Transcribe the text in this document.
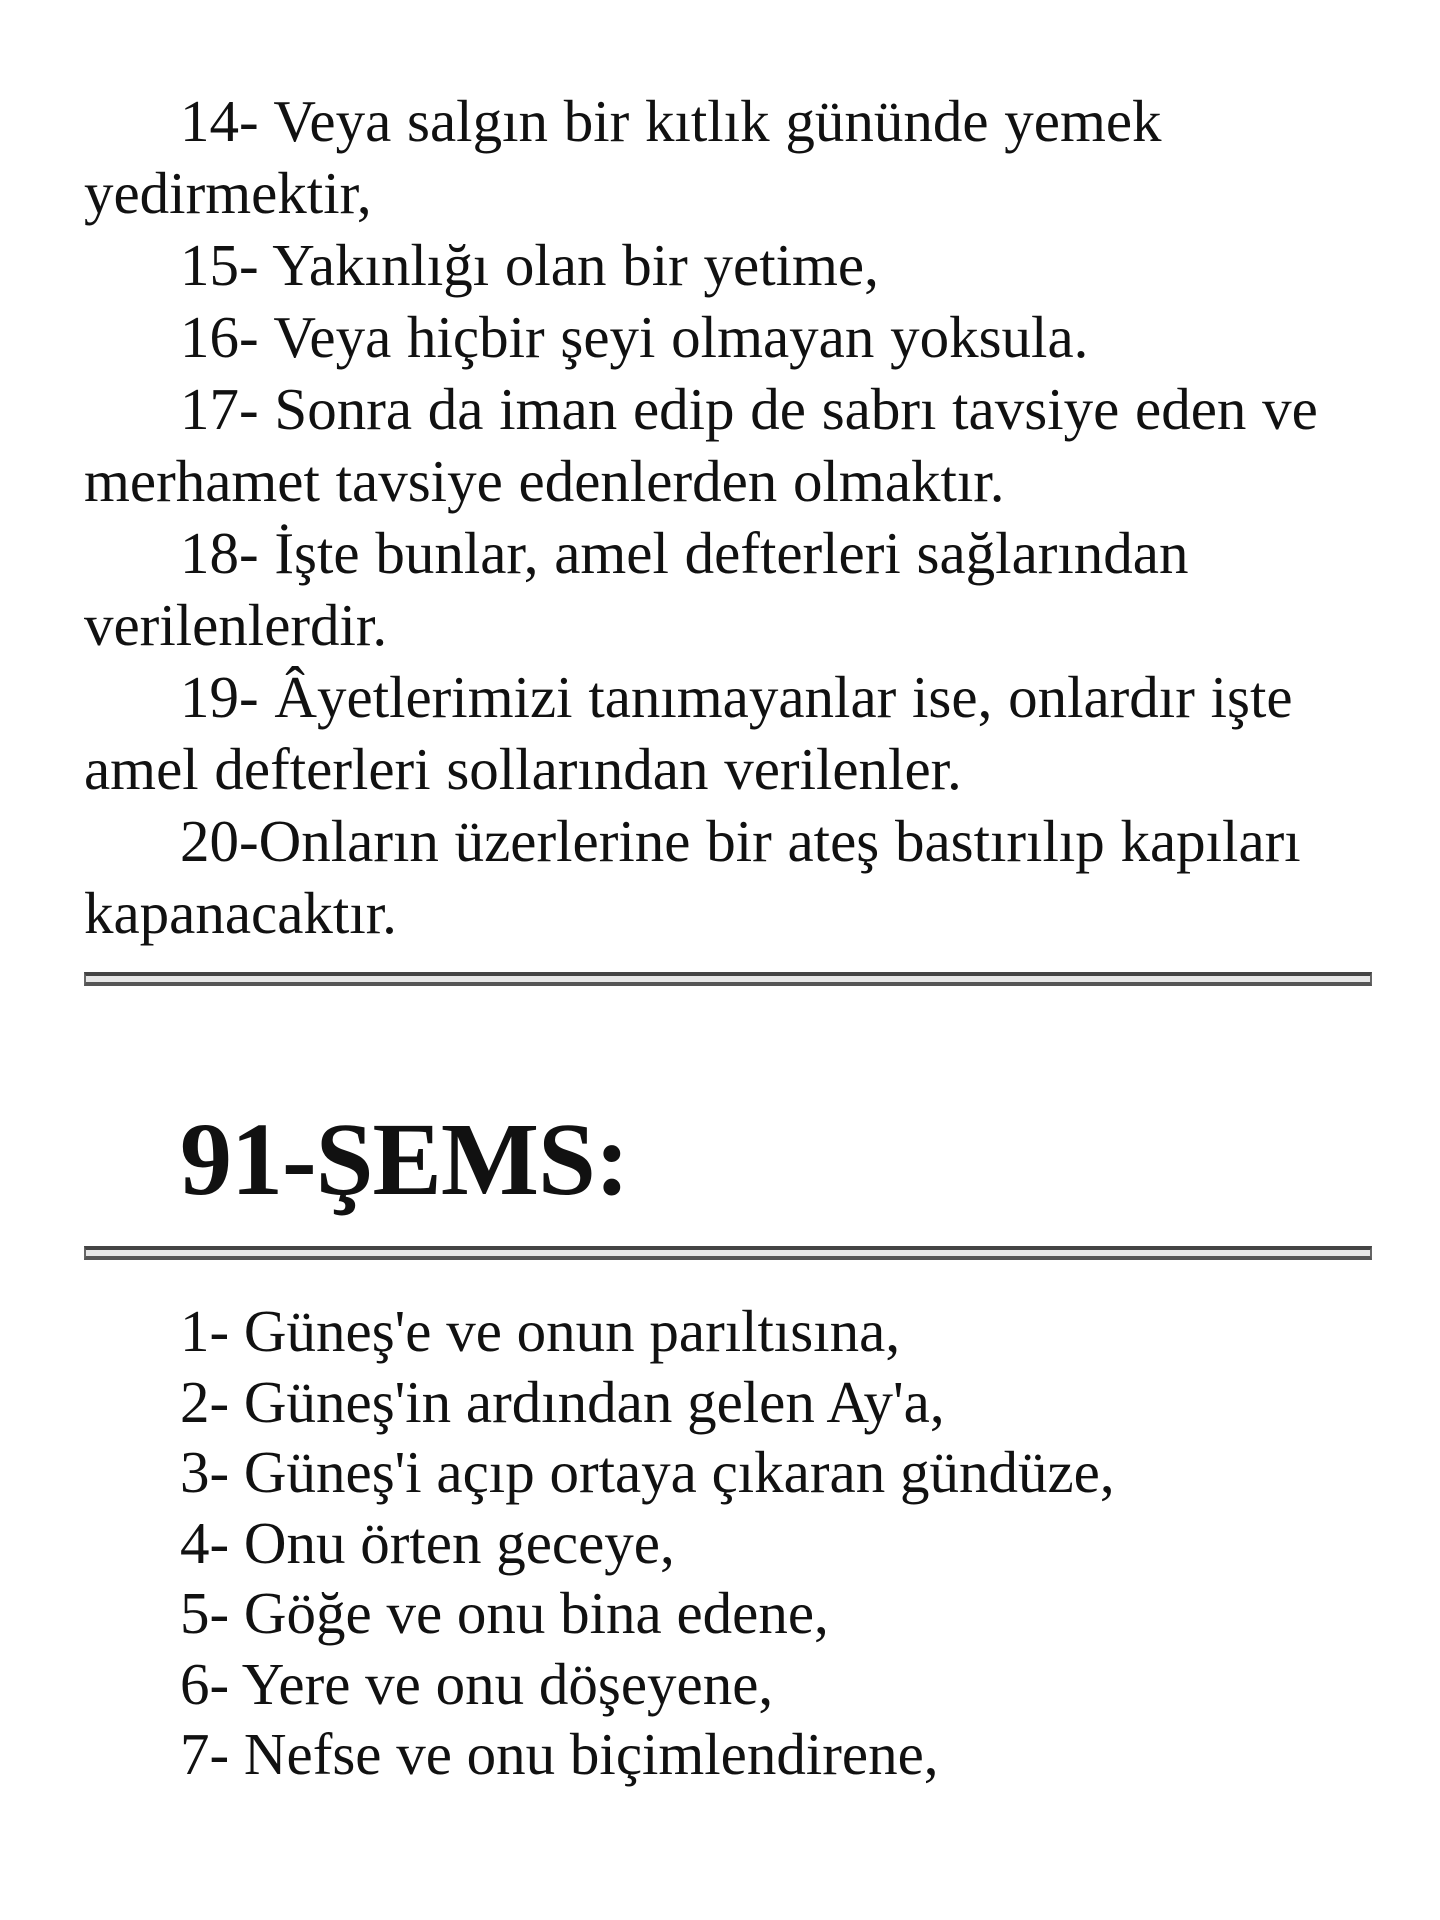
14- Veya salgın bir kıtlık gününde yemek yedirmektir,

15- Yakınlığı olan bir yetime,

16- Veya hiçbir şeyi olmayan yoksula.

17- Sonra da iman edip de sabrı tavsiye eden ve merhamet tavsiye edenlerden olmaktır.

18- İşte bunlar, amel defterleri sağlarından verilenlerdir.

19- Âyetlerimizi tanımayanlar ise, onlardır işte amel defterleri sollarından verilenler.

20-Onların üzerlerine bir ateş bastırılıp kapıları kapanacaktır.

91-ŞEMS:

1- Güneş'e ve onun parıltısına,

2- Güneş'in ardından gelen Ay'a,

3- Güneş'i açıp ortaya çıkaran gündüze,

4- Onu örten geceye,

5- Göğe ve onu bina edene,

6- Yere ve onu döşeyene,

7- Nefse ve onu biçimlendirene,
